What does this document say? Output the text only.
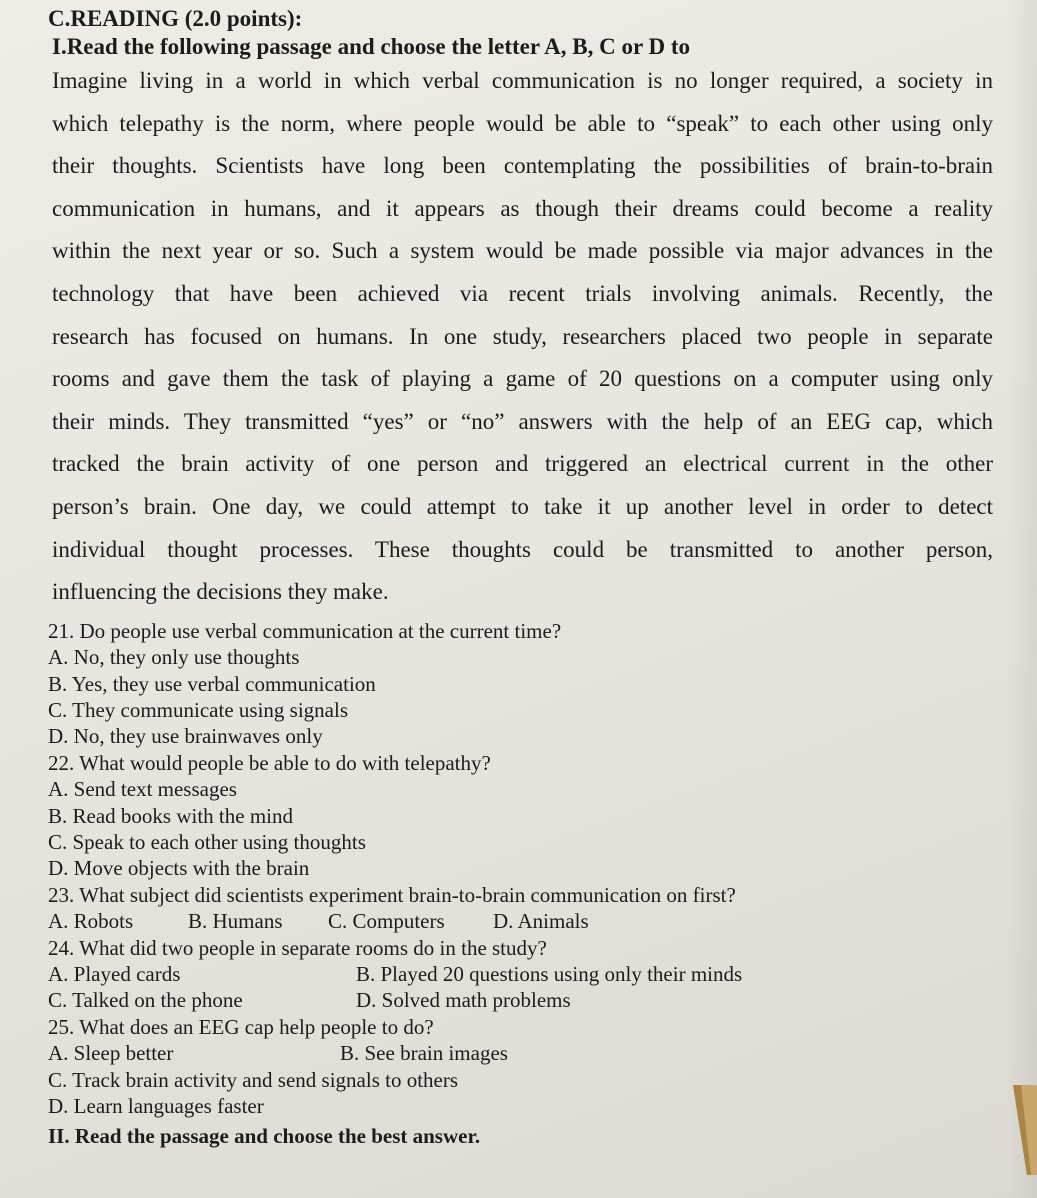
C.READING (2.0 points):
I.Read the following passage and choose the letter A, B, C or D to
Imagine living in a world in which verbal communication is no longer required, a society in
which telepathy is the norm, where people would be able to “speak” to each other using only
their thoughts. Scientists have long been contemplating the possibilities of brain-to-brain
communication in humans, and it appears as though their dreams could become a reality
within the next year or so. Such a system would be made possible via major advances in the
technology that have been achieved via recent trials involving animals. Recently, the
research has focused on humans. In one study, researchers placed two people in separate
rooms and gave them the task of playing a game of 20 questions on a computer using only
their minds. They transmitted “yes” or “no” answers with the help of an EEG cap, which
tracked the brain activity of one person and triggered an electrical current in the other
person’s brain. One day, we could attempt to take it up another level in order to detect
individual thought processes. These thoughts could be transmitted to another person,
influencing the decisions they make.
21. Do people use verbal communication at the current time?
A. No, they only use thoughts
B. Yes, they use verbal communication
C. They communicate using signals
D. No, they use brainwaves only
22. What would people be able to do with telepathy?
A. Send text messages
B. Read books with the mind
C. Speak to each other using thoughts
D. Move objects with the brain
23. What subject did scientists experiment brain-to-brain communication on first?
A. Robots	B. Humans	C. Computers	D. Animals
24. What did two people in separate rooms do in the study?
A. Played cards	B. Played 20 questions using only their minds
C. Talked on the phone	D. Solved math problems
25. What does an EEG cap help people to do?
A. Sleep better	B. See brain images
C. Track brain activity and send signals to others
D. Learn languages faster
II. Read the passage and choose the best answer.
